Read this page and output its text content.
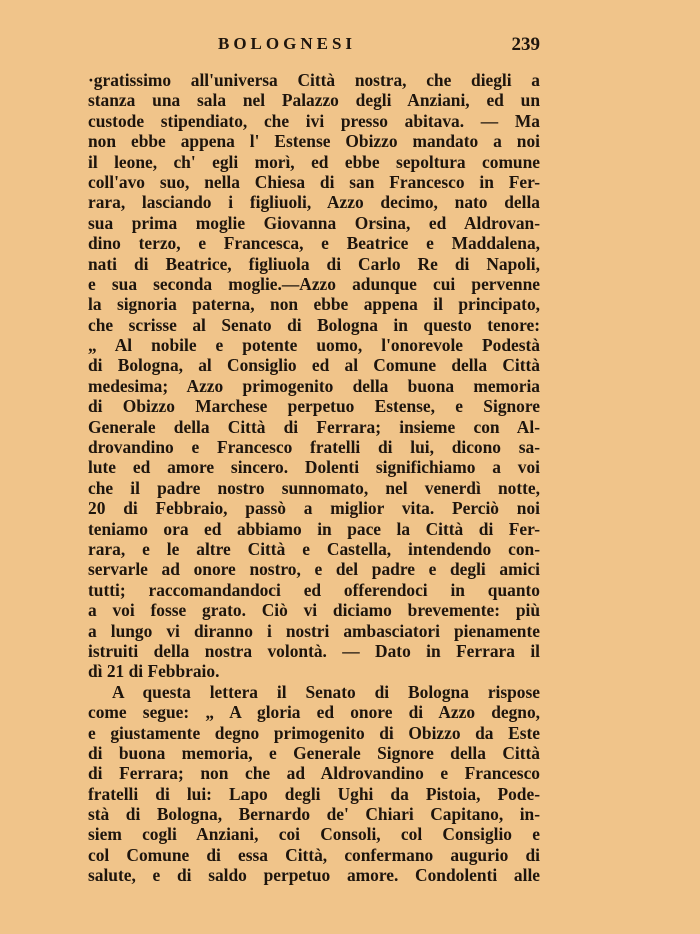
BOLOGNESI	239
·gratissimo all'universa Città nostra, che diegli a
stanza una sala nel Palazzo degli Anziani, ed un
custode stipendiato, che ivi presso abitava. — Ma
non ebbe appena l' Estense Obizzo mandato a noi
il leone, ch' egli morì, ed ebbe sepoltura comune
coll'avo suo, nella Chiesa di san Francesco in Fer-
rara, lasciando i figliuoli, Azzo decimo, nato della
sua prima moglie Giovanna Orsina, ed Aldrovan-
dino terzo, e Francesca, e Beatrice e Maddalena,
nati di Beatrice, figliuola di Carlo Re di Napoli,
e sua seconda moglie.—Azzo adunque cui pervenne
la signoria paterna, non ebbe appena il principato,
che scrisse al Senato di Bologna in questo tenore:
„ Al nobile e potente uomo, l'onorevole Podestà
di Bologna, al Consiglio ed al Comune della Città
medesima; Azzo primogenito della buona memoria
di Obizzo Marchese perpetuo Estense, e Signore
Generale della Città di Ferrara; insieme con Al-
drovandino e Francesco fratelli di lui, dicono sa-
lute ed amore sincero. Dolenti significhiamo a voi
che il padre nostro sunnomato, nel venerdì notte,
20 di Febbraio, passò a miglior vita. Perciò noi
teniamo ora ed abbiamo in pace la Città di Fer-
rara, e le altre Città e Castella, intendendo con-
servarle ad onore nostro, e del padre e degli amici
tutti; raccomandandoci ed offerendoci in quanto
a voi fosse grato. Ciò vi diciamo brevemente: più
a lungo vi diranno i nostri ambasciatori pienamente
istruiti della nostra volontà. — Dato in Ferrara il
dì 21 di Febbraio.
A questa lettera il Senato di Bologna rispose
come segue: „ A gloria ed onore di Azzo degno,
e giustamente degno primogenito di Obizzo da Este
di buona memoria, e Generale Signore della Città
di Ferrara; non che ad Aldrovandino e Francesco
fratelli di lui: Lapo degli Ughi da Pistoia, Pode-
stà di Bologna, Bernardo de' Chiari Capitano, in-
siem cogli Anziani, coi Consoli, col Consiglio e
col Comune di essa Città, confermano augurio di
salute, e di saldo perpetuo amore. Condolenti alle
